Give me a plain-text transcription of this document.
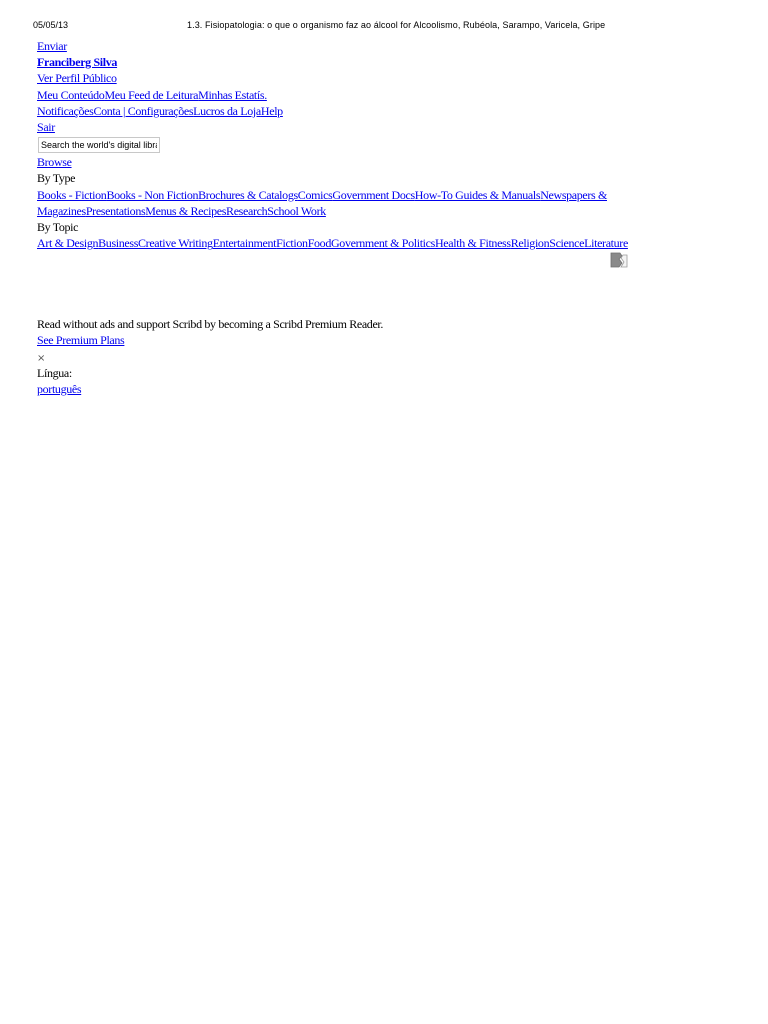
05/05/13	1.3. Fisiopatologia: o que o organismo faz ao álcool for Alcoolismo, Rubéola, Sarampo, Varicela, Gripe
Enviar
Franciberg Silva
Ver Perfil Público
Meu ConteúdoMeu Feed de LeituraMinhas Estatís.
NotificaçõesConta | ConfiguraçõesLucros da LojaHelp
Sair
Search the world's digital library
Browse
By Type
Books - FictionBooks - Non FictionBrochures & CatalogsComicsGovernment DocsHow-To Guides & ManualsNewspapers &
MagazinesPresentationsMenus & RecipesResearchSchool Work
By Topic
Art & DesignBusinessCreative WritingEntertainmentFictionFoodGovernment & PoliticsHealth & FitnessReligionScienceLiterature
Read without ads and support Scribd by becoming a Scribd Premium Reader.
See Premium Plans
×
Língua:
português
